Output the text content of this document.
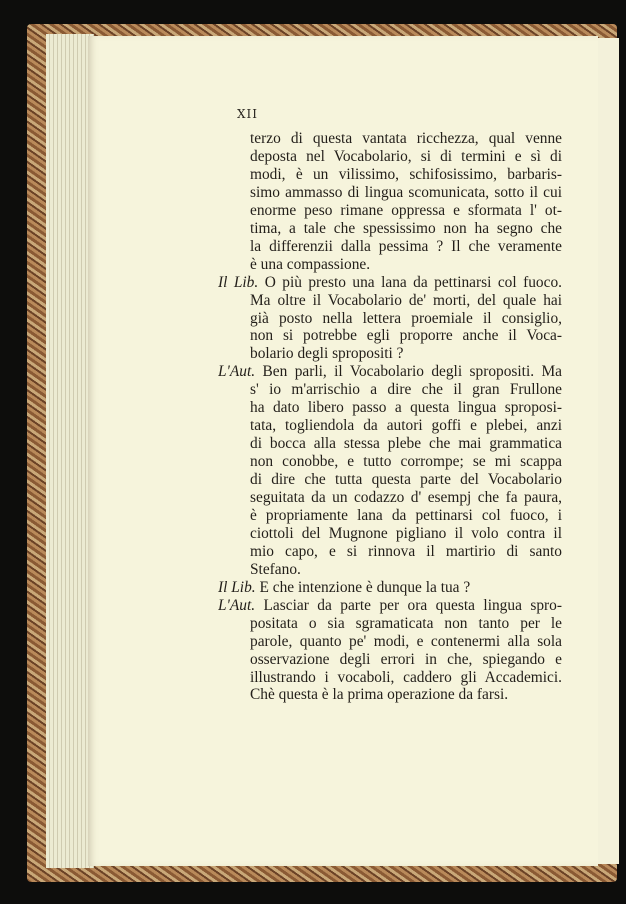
XII
terzo di questa vantata ricchezza, qual venne
deposta nel Vocabolario, si di termini e sì di
modi, è un vilissimo, schifosissimo, barbaris-
simo ammasso di lingua scomunicata, sotto il cui
enorme peso rimane oppressa e sformata l' ot-
tima, a tale che spessissimo non ha segno che
la differenzii dalla pessima ? Il che veramente
è una compassione.
Il Lib. O più presto una lana da pettinarsi col fuoco.
Ma oltre il Vocabolario de' morti, del quale hai
già posto nella lettera proemiale il consiglio,
non si potrebbe egli proporre anche il Voca-
bolario degli spropositi ?
L'Aut. Ben parli, il Vocabolario degli spropositi. Ma
s' io m'arrischio a dire che il gran Frullone
ha dato libero passo a questa lingua sproposi-
tata, togliendola da autori goffi e plebei, anzi
di bocca alla stessa plebe che mai grammatica
non conobbe, e tutto corrompe; se mi scappa
di dire che tutta questa parte del Vocabolario
seguitata da un codazzo d' esempj che fa paura,
è propriamente lana da pettinarsi col fuoco, i
ciottoli del Mugnone pigliano il volo contra il
mio capo, e si rinnova il martirio di santo
Stefano.
Il Lib. E che intenzione è dunque la tua ?
L'Aut. Lasciar da parte per ora questa lingua spro-
positata o sia sgramaticata non tanto per le
parole, quanto pe' modi, e contenermi alla sola
osservazione degli errori in che, spiegando e
illustrando i vocaboli, caddero gli Accademici.
Chè questa è la prima operazione da farsi.
